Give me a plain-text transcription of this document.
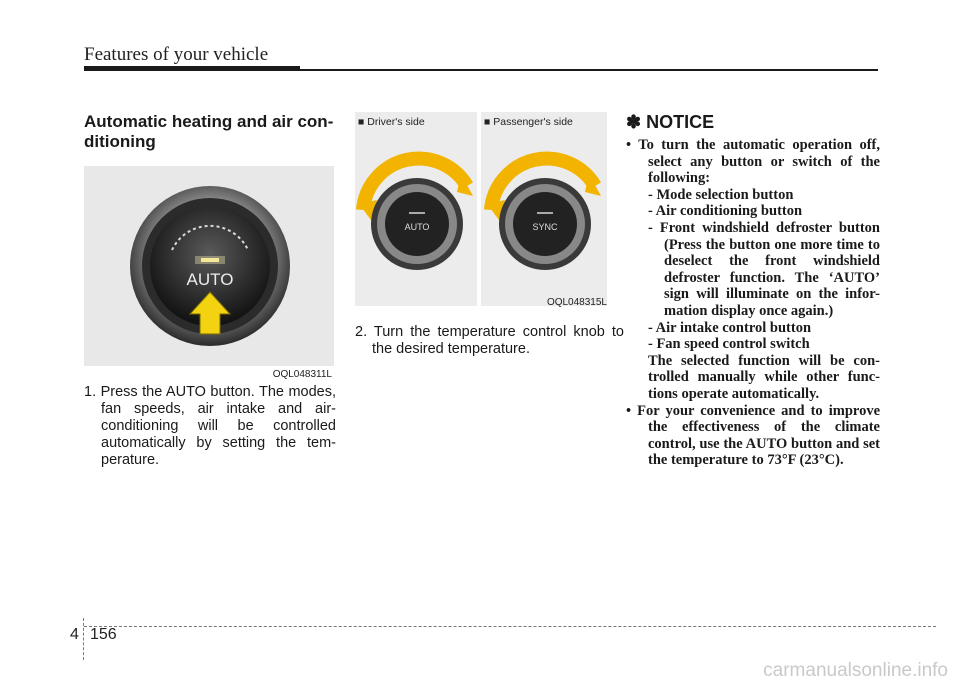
Features of your vehicle
Automatic heating and air con-ditioning
AUTO
OQL048311L
1. Press the AUTO button. The modes, fan speeds, air intake and air-conditioning will be controlled automatically by setting the tem-perature.
■ Driver's side
AUTO
■ Passenger's side
SYNC
OQL048315L
2. Turn the temperature control knob to the desired temperature.
✽ NOTICE
• To turn the automatic operation off, select any button or switch of the following:
- Mode selection button
- Air conditioning button
- Front windshield defroster button (Press the button one more time to deselect the front windshield defroster function. The ‘AUTO’ sign will illuminate on the infor-mation display once again.)
- Air intake control button
- Fan speed control switch
The selected function will be con-trolled manually while other func-tions operate automatically.
• For your convenience and to improve the effectiveness of the climate control, use the AUTO button and set the temperature to 73°F (23°C).
4 156
carmanualsonline.info
